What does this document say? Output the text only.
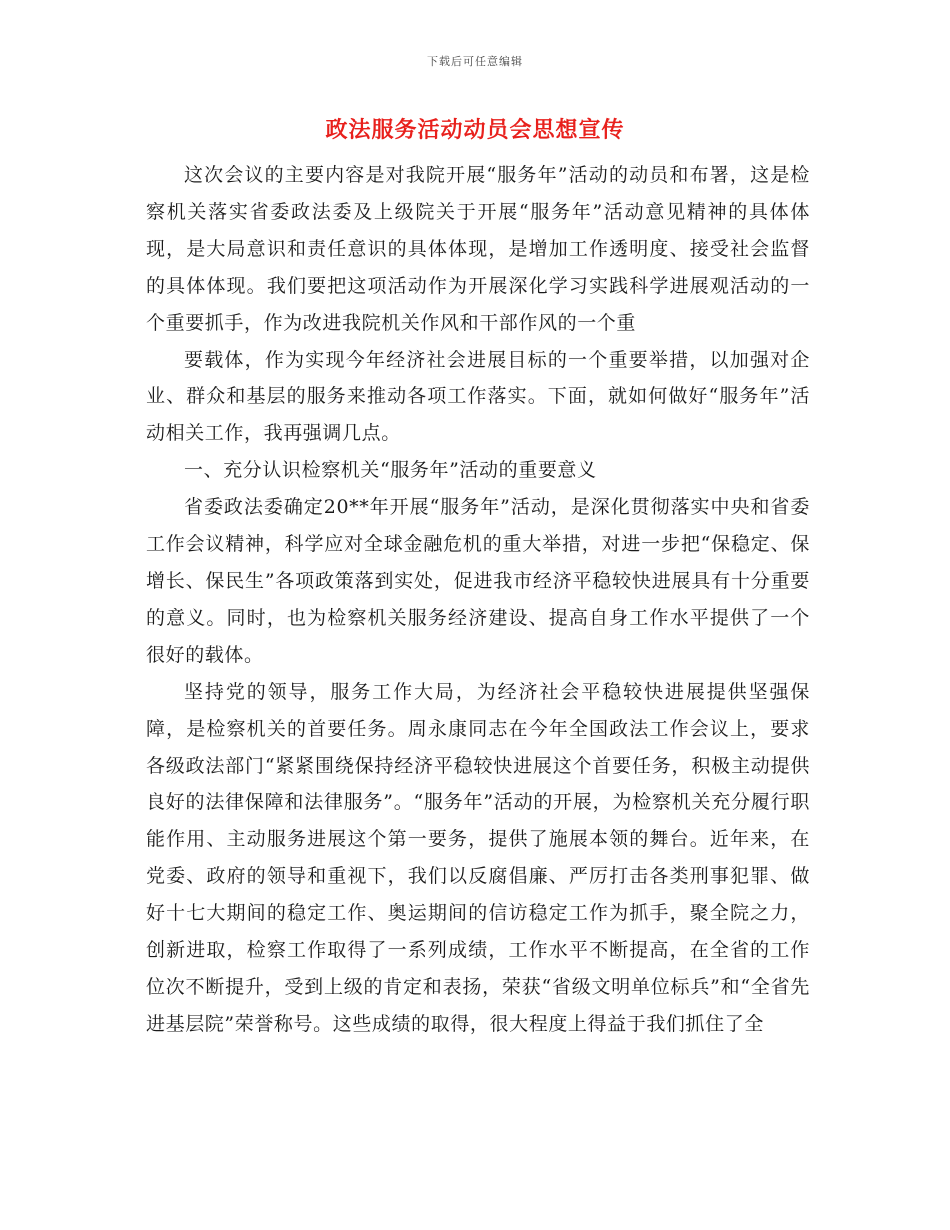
下载后可任意编辑
政法服务活动动员会思想宣传

这次会议的主要内容是对我院开展“服务年”活动的动员和布署，这是检察机关落实省委政法委及上级院关于开展“服务年”活动意见精神的具体体现，是大局意识和责任意识的具体体现，是增加工作透明度、接受社会监督的具体体现。我们要把这项活动作为开展深化学习实践科学进展观活动的一个重要抓手，作为改进我院机关作风和干部作风的一个重

要载体，作为实现今年经济社会进展目标的一个重要举措，以加强对企业、群众和基层的服务来推动各项工作落实。下面，就如何做好“服务年”活动相关工作，我再强调几点。

一、充分认识检察机关“服务年”活动的重要意义

省委政法委确定20**年开展“服务年”活动，是深化贯彻落实中央和省委工作会议精神，科学应对全球金融危机的重大举措，对进一步把“保稳定、保增长、保民生”各项政策落到实处，促进我市经济平稳较快进展具有十分重要的意义。同时，也为检察机关服务经济建设、提高自身工作水平提供了一个很好的载体。

坚持党的领导，服务工作大局，为经济社会平稳较快进展提供坚强保障，是检察机关的首要任务。周永康同志在今年全国政法工作会议上，要求各级政法部门“紧紧围绕保持经济平稳较快进展这个首要任务，积极主动提供良好的法律保障和法律服务”。“服务年”活动的开展，为检察机关充分履行职能作用、主动服务进展这个第一要务，提供了施展本领的舞台。近年来，在党委、政府的领导和重视下，我们以反腐倡廉、严厉打击各类刑事犯罪、做好十七大期间的稳定工作、奥运期间的信访稳定工作为抓手，聚全院之力，创新进取，检察工作取得了一系列成绩，工作水平不断提高，在全省的工作位次不断提升，受到上级的肯定和表扬，荣获“省级文明单位标兵”和“全省先进基层院”荣誉称号。这些成绩的取得，很大程度上得益于我们抓住了全
